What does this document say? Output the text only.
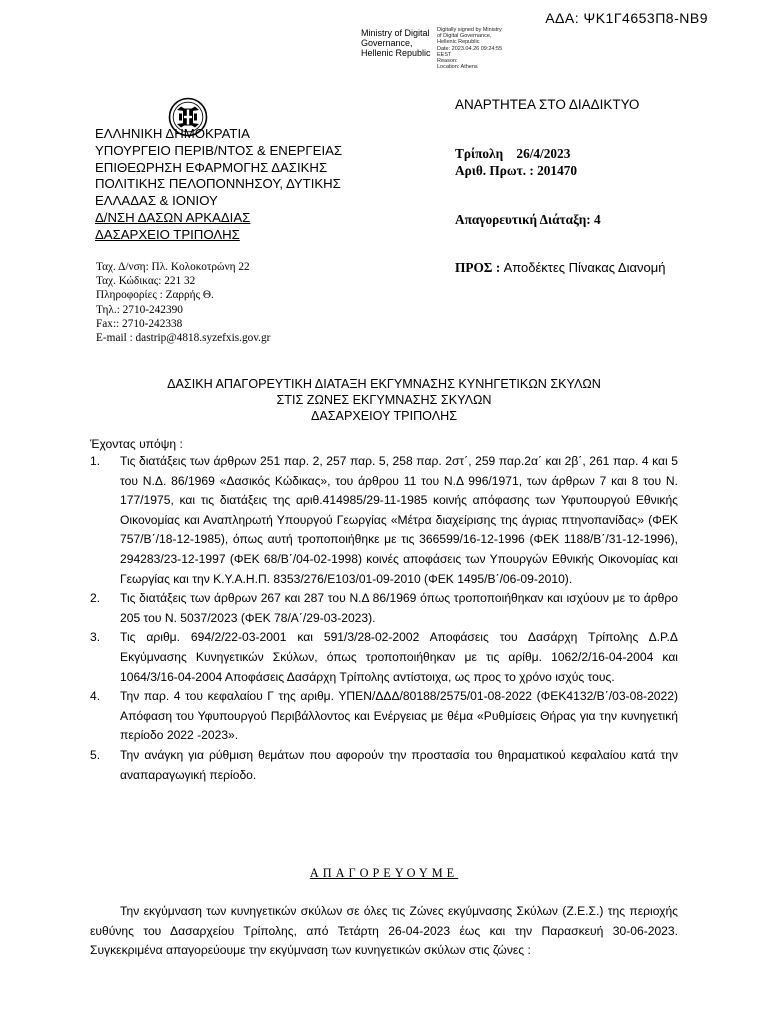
ΑΔΑ: ΨΚ1Γ4653Π8-ΝΒ9
Ministry of Digital
Governance,
Hellenic Republic
Digitally signed by Ministry
of Digital Governance,
Hellenic Republic
Date: 2023.04.26 09:24:55
EEST
Reason:
Location: Athens
ΑΝΑΡΤΗΤΕΑ ΣΤΟ ΔΙΑΔΙΚΤΥΟ
ΕΛΛΗΝΙΚΗ ΔΗΜΟΚΡΑΤΙΑ
ΥΠΟΥΡΓΕΙΟ ΠΕΡΙΒ/ΝΤΟΣ & ΕΝΕΡΓΕΙΑΣ
ΕΠΙΘΕΩΡΗΣΗ ΕΦΑΡΜΟΓΗΣ ΔΑΣΙΚΗΣ
ΠΟΛΙΤΙΚΗΣ ΠΕΛΟΠΟΝΝΗΣΟΥ, ΔΥΤΙΚΗΣ
ΕΛΛΑΔΑΣ & ΙΟΝΙΟΥ
Δ/ΝΣΗ ΔΑΣΩΝ ΑΡΚΑΔΙΑΣ
ΔΑΣΑΡΧΕΙΟ ΤΡΙΠΟΛΗΣ
Τρίπολη    26/4/2023
Αριθ. Πρωτ. : 201470
Απαγορευτική Διάταξη: 4
ΠΡΟΣ : Αποδέκτες Πίνακας Διανομή
Ταχ. Δ/νση: Πλ. Κολοκοτρώνη 22
Ταχ. Κώδικας: 221 32
Πληροφορίες : Ζαρρής Θ.
Τηλ.: 2710-242390
Fax:: 2710-242338
E-mail : dastrip@4818.syzefxis.gov.gr
ΔΑΣΙΚΗ ΑΠΑΓΟΡΕΥΤΙΚΗ ΔΙΑΤΑΞΗ ΕΚΓΥΜΝΑΣΗΣ ΚΥΝΗΓΕΤΙΚΩΝ ΣΚΥΛΩΝ
ΣΤΙΣ ΖΩΝΕΣ ΕΚΓΥΜΝΑΣΗΣ ΣΚΥΛΩΝ
ΔΑΣΑΡΧΕΙΟΥ ΤΡΙΠΟΛΗΣ
Έχοντας υπόψη :
1. Τις διατάξεις των άρθρων 251 παρ. 2, 257 παρ. 5, 258 παρ. 2στ΄, 259 παρ.2α΄ και 2β΄, 261 παρ. 4 και 5 του Ν.Δ. 86/1969 «Δασικός Κώδικας», του άρθρου 11 του Ν.Δ 996/1971, των άρθρων 7 και 8 του Ν. 177/1975, και τις διατάξεις της αριθ.414985/29-11-1985 κοινής απόφασης των Υφυπουργού Εθνικής Οικονομίας και Αναπληρωτή Υπουργού Γεωργίας «Μέτρα διαχείρισης της άγριας πτηνοπανίδας» (ΦΕΚ 757/Β΄/18-12-1985), όπως αυτή τροποποιήθηκε με τις 366599/16-12-1996 (ΦΕΚ 1188/Β΄/31-12-1996), 294283/23-12-1997 (ΦΕΚ 68/Β΄/04-02-1998) κοινές αποφάσεις των Υπουργών Εθνικής Οικονομίας και Γεωργίας και την Κ.Υ.Α.Η.Π. 8353/276/Ε103/01-09-2010 (ΦΕΚ 1495/Β΄/06-09-2010).
2. Τις διατάξεις των άρθρων 267 και 287 του Ν.Δ 86/1969 όπως τροποποιήθηκαν και ισχύουν με το άρθρο 205 του Ν. 5037/2023 (ΦΕΚ 78/Α΄/29-03-2023).
3. Τις αριθμ. 694/2/22-03-2001 και 591/3/28-02-2002 Αποφάσεις του Δασάρχη Τρίπολης Δ.Ρ.Δ Εκγύμνασης Κυνηγετικών Σκύλων, όπως τροποποιήθηκαν με τις αρίθμ. 1062/2/16-04-2004 και 1064/3/16-04-2004 Αποφάσεις Δασάρχη Τρίπολης αντίστοιχα, ως προς το χρόνο ισχύς τους.
4. Την παρ. 4 του κεφαλαίου Γ της αριθμ. ΥΠΕΝ/ΔΔΔ/80188/2575/01-08-2022 (ΦΕΚ4132/Β΄/03-08-2022) Απόφαση του Υφυπουργού Περιβάλλοντος και Ενέργειας με θέμα «Ρυθμίσεις Θήρας για την κυνηγετική περίοδο 2022 -2023».
5. Την ανάγκη για ρύθμιση θεμάτων που αφορούν την προστασία του θηραματικού κεφαλαίου κατά την αναπαραγωγική περίοδο.
ΑΠΑΓΟΡΕΥΟΥΜΕ
Την εκγύμναση των κυνηγετικών σκύλων σε όλες τις Ζώνες εκγύμνασης Σκύλων (Ζ.Ε.Σ.) της περιοχής ευθύνης του Δασαρχείου Τρίπολης, από Τετάρτη 26-04-2023 έως και την Παρασκευή 30-06-2023. Συγκεκριμένα απαγορεύουμε την εκγύμναση των κυνηγετικών σκύλων στις ζώνες :
